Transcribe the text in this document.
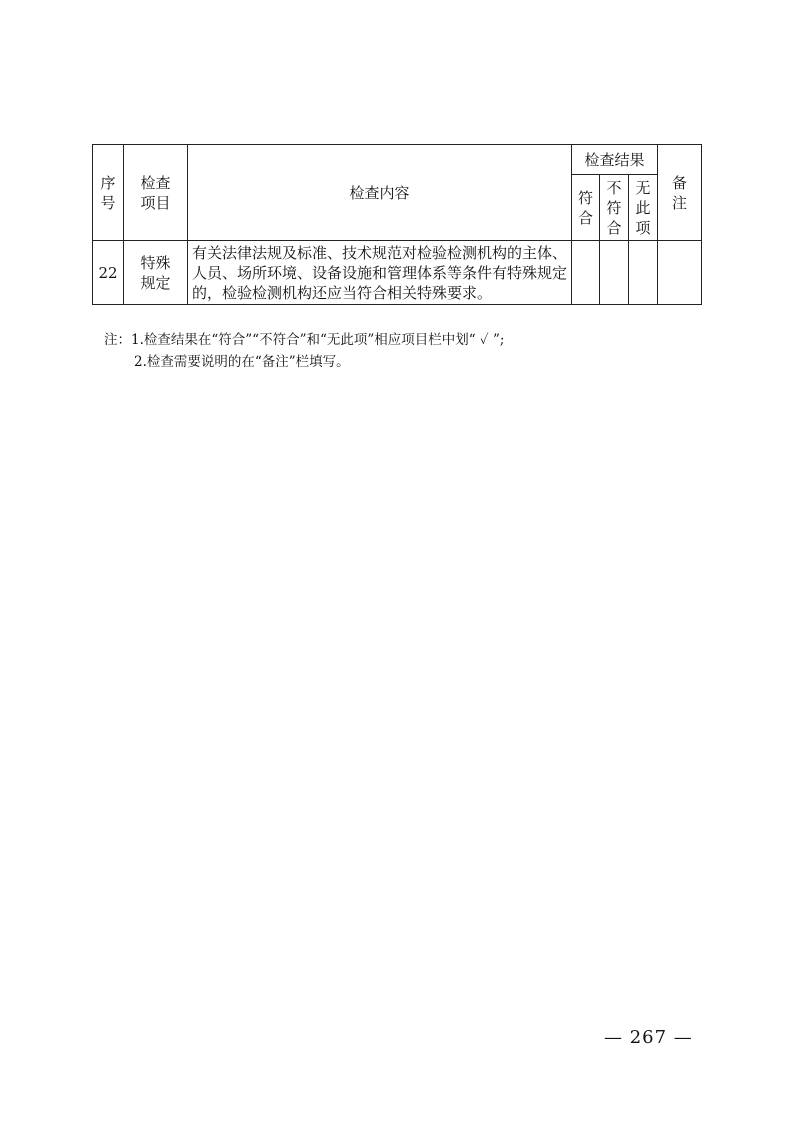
序号	检查项目	检查内容	检查结果			备注
			符合	不符合	无此项	
22	特殊规定	有关法律法规及标准、技术规范对检验检测机构的主体、人员、场所环境、设备设施和管理体系等条件有特殊规定的，检验检测机构还应当符合相关特殊要求。				
注：1.检查结果在“符合”“不符合”和“无此项”相应项目栏中划“ ✓ ”;
2.检查需要说明的在“备注”栏填写。
— 267 —
